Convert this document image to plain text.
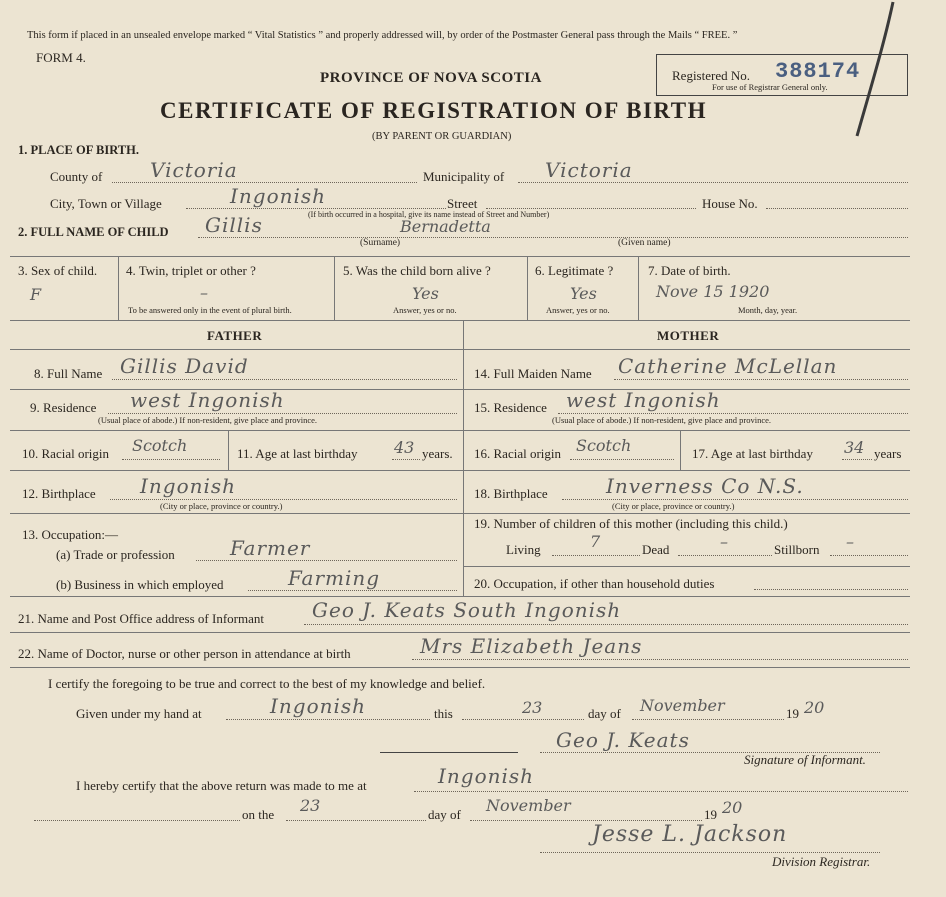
This form if placed in an unsealed envelope marked “ Vital Statistics ” and properly addressed will, by order of the Postmaster General pass through the Mails “ FREE. ”
FORM 4.
PROVINCE OF NOVA SCOTIA
CERTIFICATE OF REGISTRATION OF BIRTH
(BY PARENT OR GUARDIAN)
Registered No. 388174
For use of Registrar General only.
1. PLACE OF BIRTH.
County of Victoria	Municipality of Victoria
City, Town or Village	Ingonish	Street
(If birth occurred in a hospital, give its name instead of Street and Number)
House No.
2. FULL NAME OF CHILD Gillis	Bernadetta
(Surname)	(Given name)
3. Sex of child.
F
4. Twin, triplet or other ?
–
To be answered only in the event of plural birth.
5. Was the child born alive ?
Yes
Answer, yes or no.
6. Legitimate ?
Yes
Answer, yes or no.
7. Date of birth.
Nove 15 1920
Month, day, year.
FATHER	MOTHER
8. Full Name Gillis David
9. Residence west Ingonish
(Usual place of abode.) If non-resident, give place and province.
10. Racial origin Scotch	11. Age at last birthday 43 years.
12. Birthplace Ingonish
(City or place, province or country.)
13. Occupation:—
(a) Trade or profession	Farmer
(b) Business in which employed	Farming
14. Full Maiden Name Catherine McLellan
15. Residence west Ingonish
(Usual place of abode.) If non-resident, give place and province.
16. Racial origin Scotch	17. Age at last birthday 34 years
18. Birthplace	Inverness Co N.S.
(City or place, province or country.)
19. Number of children of this mother (including this child.)
Living	7	Dead	–	Stillborn –
20. Occupation, if other than household duties
21. Name and Post Office address of Informant Geo J. Keats South Ingonish
22. Name of Doctor, nurse or other person in attendance at birth	Mrs Elizabeth Jeans
I certify the foregoing to be true and correct to the best of my knowledge and belief.
Given under my hand at	Ingonish	this	23	day of November	19 20
Geo J. Keats
Signature of Informant.
I hereby certify that the above return was made to me at	Ingonish
on the 23	day of November	19 20
Jesse L. Jackson
Division Registrar.
